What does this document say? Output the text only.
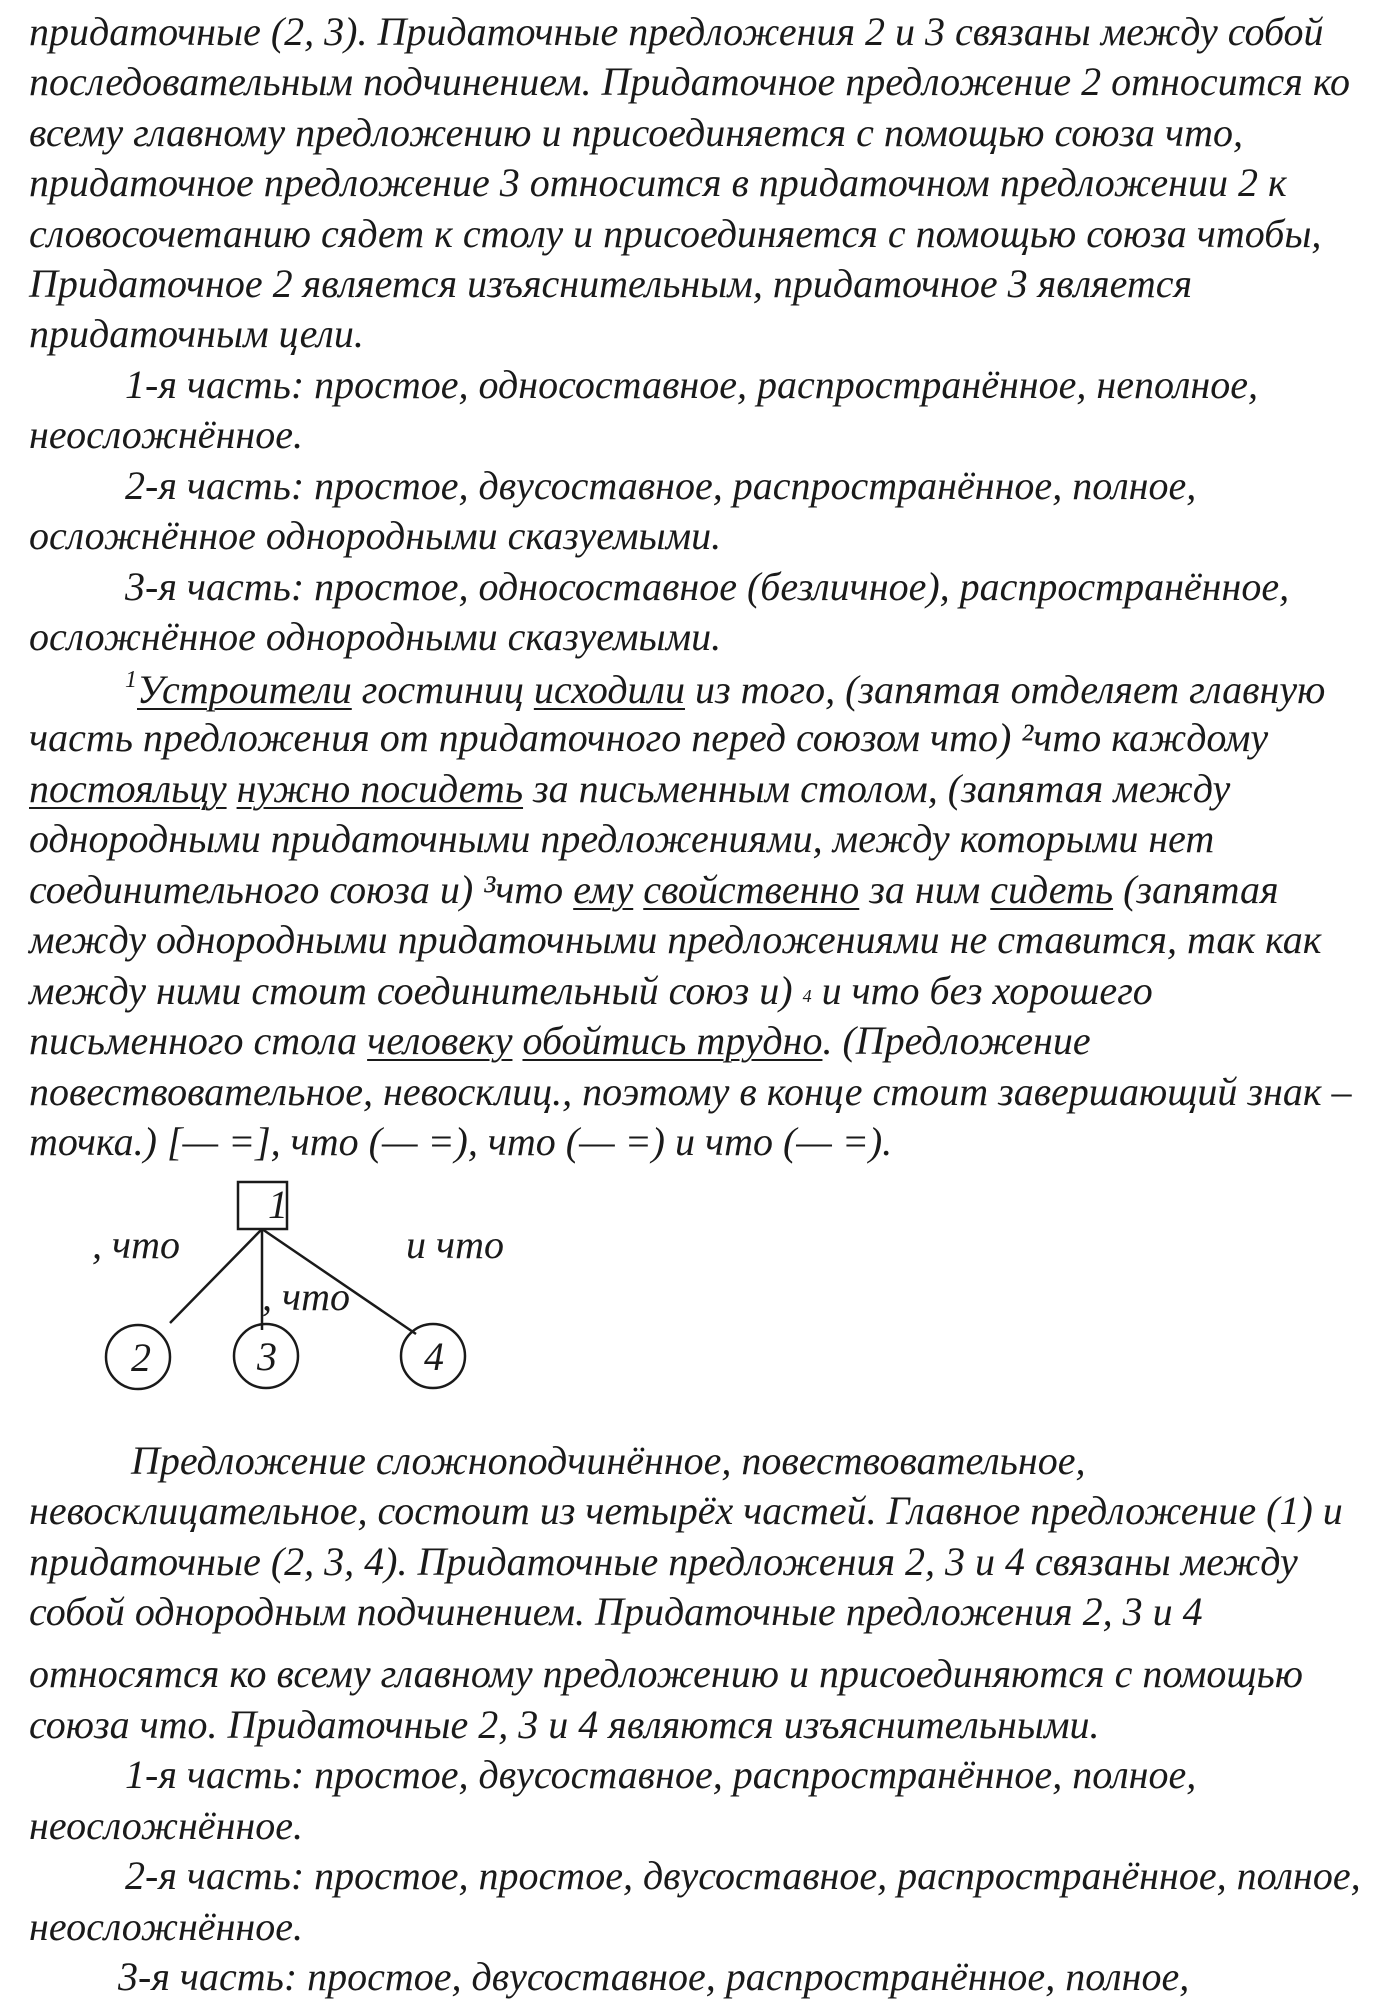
придаточные (2, 3). Придаточные предложения 2 и 3 связаны между собой
последовательным подчинением. Придаточное предложение 2 относится ко
всему главному предложению и присоединяется с помощью союза что,
придаточное предложение 3 относится в придаточном предложении 2 к
словосочетанию сядет к столу и присоединяется с помощью союза чтобы,
Придаточное 2 является изъяснительным, придаточное 3 является
придаточным цели.
1-я часть: простое, односоставное, распространённое, неполное,
неосложнённое.
2-я часть: простое, двусоставное, распространённое, полное,
осложнённое однородными сказуемыми.
3-я часть: простое, односоставное (безличное), распространённое,
осложнённое однородными сказуемыми.
$^1$Устроители гостиниц исходили из того, (запятая отделяет главную
часть предложения от придаточного перед союзом что) ²что каждому
постояльцу нужно посидеть за письменным столом, (запятая между
однородными придаточными предложениями, между которыми нет
соединительного союза и) ³что ему свойственно за ним сидеть (запятая
между однородными придаточными предложениями не ставится, так как
между ними стоит соединительный союз и) 4 и что без хорошего
письменного стола человеку обойтись трудно. (Предложение
повествовательное, невосклиц., поэтому в конце стоит завершающий знак –
точка.) [— =], что (— =), что (— =) и что (— =).
1
2	3	4
, что
, что
и что
Предложение сложноподчинённое, повествовательное,
невосклицательное, состоит из четырёх частей. Главное предложение (1) и
придаточные (2, 3, 4). Придаточные предложения 2, 3 и 4 связаны между
собой однородным подчинением. Придаточные предложения 2, 3 и 4
относятся ко всему главному предложению и присоединяются с помощью
союза что. Придаточные 2, 3 и 4 являются изъяснительными.
1-я часть: простое, двусоставное, распространённое, полное,
неосложнённое.
2-я часть: простое, простое, двусоставное, распространённое, полное,
неосложнённое.
3-я часть: простое, двусоставное, распространённое, полное,
